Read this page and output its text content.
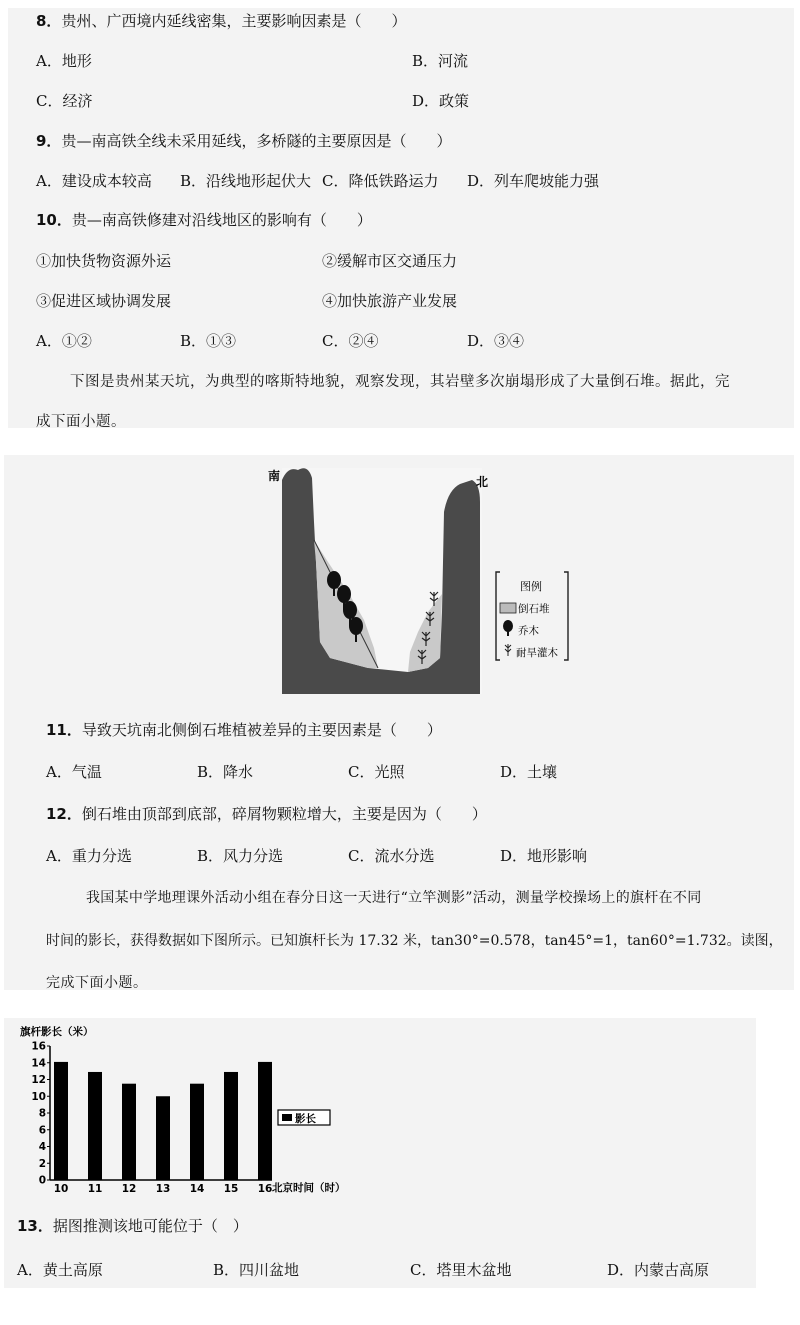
8．贵州、广西境内延线密集，主要影响因素是（　　）
A．地形	B．河流
C．经济	D．政策
9．贵—南高铁全线未采用延线，多桥隧的主要原因是（　　）
A．建设成本较高 B．沿线地形起伏大 C．降低铁路运力 D．列车爬坡能力强
10．贵—南高铁修建对沿线地区的影响有（　　）
①加快货物资源外运	②缓解市区交通压力
③促进区域协调发展	④加快旅游产业发展
A．①②	B．①③	C．②④	D．③④
下图是贵州某天坑，为典型的喀斯特地貌，观察发现，其岩壁多次崩塌形成了大量倒石堆。据此，完
成下面小题。
南	北
图例
倒石堆
乔木
耐旱灌木
11．导致天坑南北侧倒石堆植被差异的主要因素是（　　）
A．气温	B．降水	C．光照	D．土壤
12．倒石堆由顶部到底部，碎屑物颗粒增大，主要是因为（　　）
A．重力分选	B．风力分选	C．流水分选	D．地形影响
我国某中学地理课外活动小组在春分日这一天进行“立竿测影”活动，测量学校操场上的旗杆在不同
时间的影长，获得数据如下图所示。已知旗杆长为 17.32 米，tan30°=0.578，tan45°=1，tan60°=1.732。读图，
完成下面小题。
旗杆影长（米）
0
2
4
6
8
10
12
14
16
10 11 12 13 14 15 16 北京时间（时）
影长
13．据图推测该地可能位于（　）
A．黄土高原	B．四川盆地	C．塔里木盆地	D．内蒙古高原
